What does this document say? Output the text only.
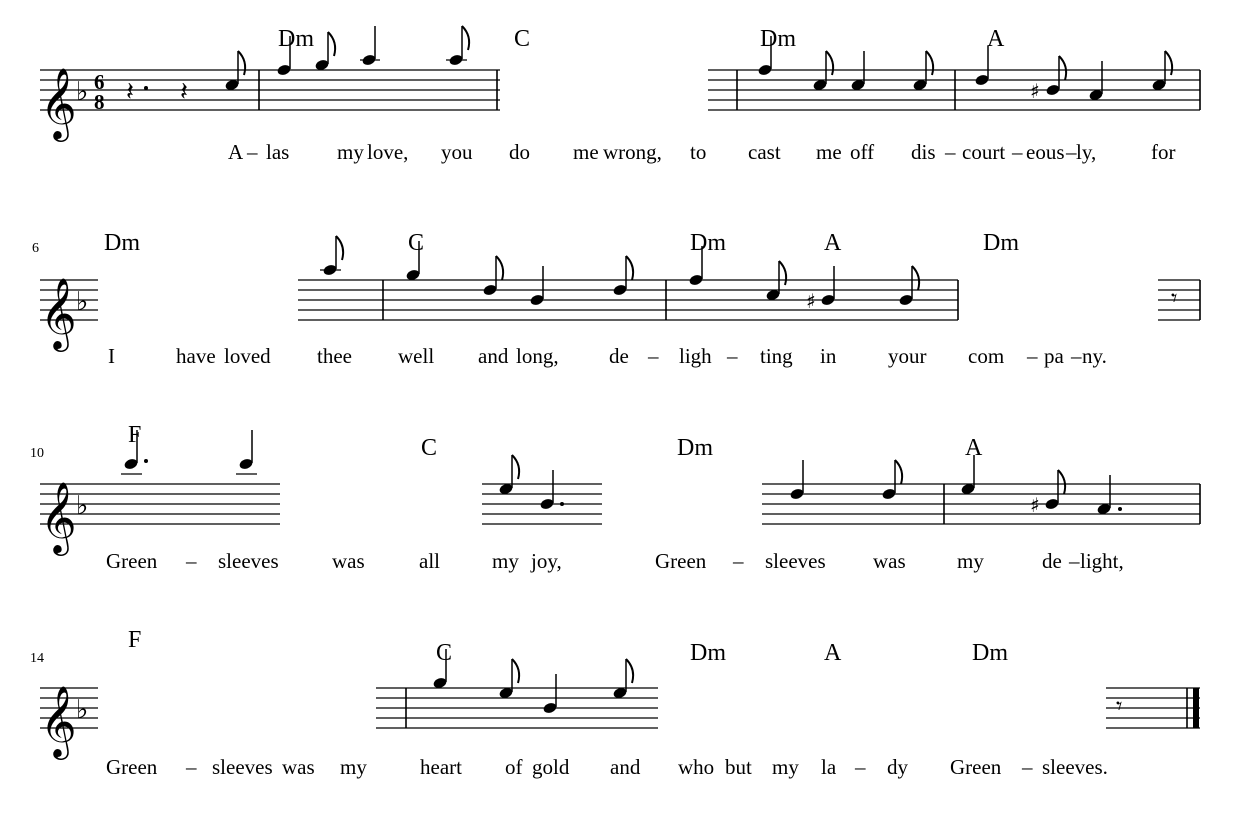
Dm	C	Dm	A
𝄞 ♭ 6
8 𝄽 𝄽	♯
A – las my love, you do me wrong, to cast me off dis – court – eous – ly,	for
6	Dm	C	Dm	A	Dm
𝄞 ♭	♯	𝄾
I	have loved thee well and long, de – ligh – ting in your com – pa – ny.
10
F	C	Dm	A
𝄞 ♭	♯
Green – sleeves	was	all my joy,	Green – sleeves was my	de – light,
14
F	C	Dm	A	Dm
𝄞 ♭	𝄾
Green – sleeves was my	heart of gold and who but my la – dy Green – sleeves.
